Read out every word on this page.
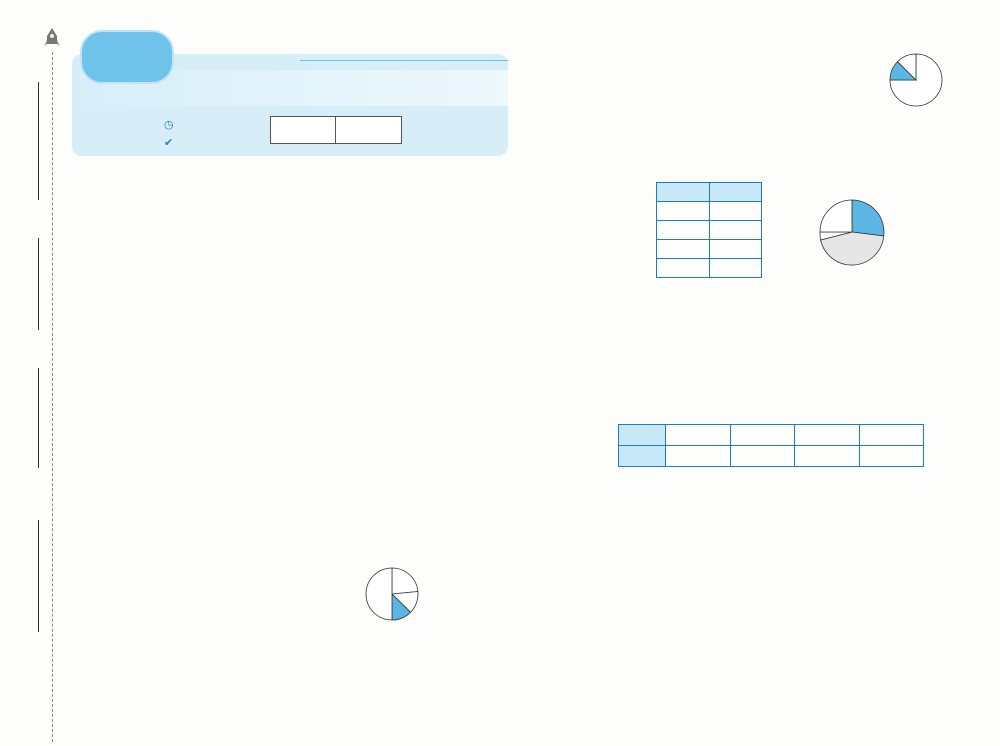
◷
✔
